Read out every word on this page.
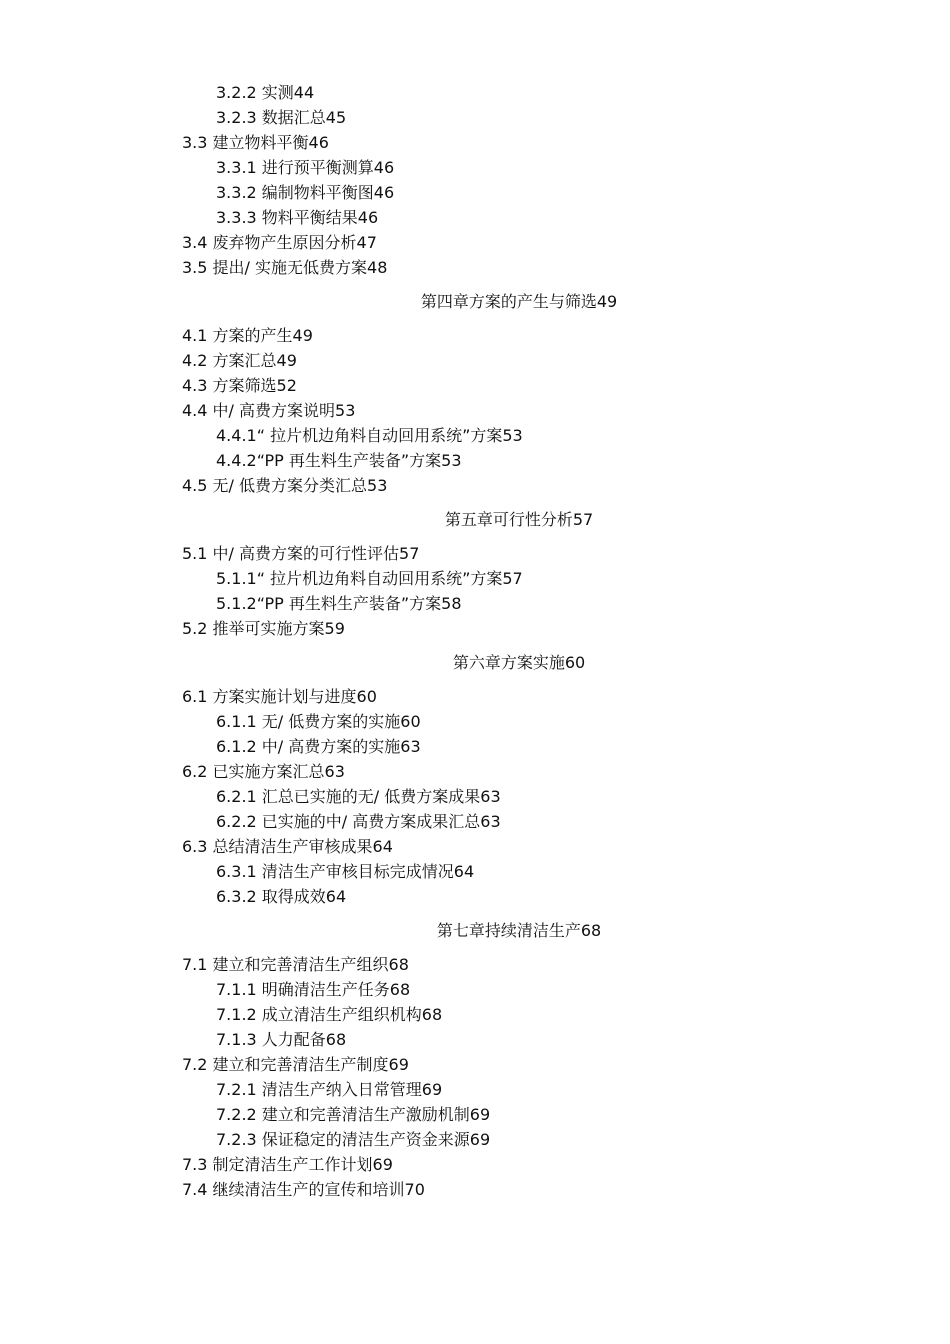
3.2.2 实测44
3.2.3 数据汇总45
3.3 建立物料平衡46
3.3.1 进行预平衡测算46
3.3.2 编制物料平衡图46
3.3.3 物料平衡结果46
3.4 废弃物产生原因分析47
3.5 提出/ 实施无低费方案48
第四章方案的产生与筛选49
4.1 方案的产生49
4.2 方案汇总49
4.3 方案筛选52
4.4 中/ 高费方案说明53
4.4.1“ 拉片机边角料自动回用系统”方案53
4.4.2“PP 再生料生产装备”方案53
4.5 无/ 低费方案分类汇总53
第五章可行性分析57
5.1 中/ 高费方案的可行性评估57
5.1.1“ 拉片机边角料自动回用系统”方案57
5.1.2“PP 再生料生产装备”方案58
5.2 推举可实施方案59
第六章方案实施60
6.1 方案实施计划与进度60
6.1.1 无/ 低费方案的实施60
6.1.2 中/ 高费方案的实施63
6.2 已实施方案汇总63
6.2.1 汇总已实施的无/ 低费方案成果63
6.2.2 已实施的中/ 高费方案成果汇总63
6.3 总结清洁生产审核成果64
6.3.1 清洁生产审核目标完成情况64
6.3.2 取得成效64
第七章持续清洁生产68
7.1 建立和完善清洁生产组织68
7.1.1 明确清洁生产任务68
7.1.2 成立清洁生产组织机构68
7.1.3 人力配备68
7.2 建立和完善清洁生产制度69
7.2.1 清洁生产纳入日常管理69
7.2.2 建立和完善清洁生产激励机制69
7.2.3 保证稳定的清洁生产资金来源69
7.3 制定清洁生产工作计划69
7.4 继续清洁生产的宣传和培训70
